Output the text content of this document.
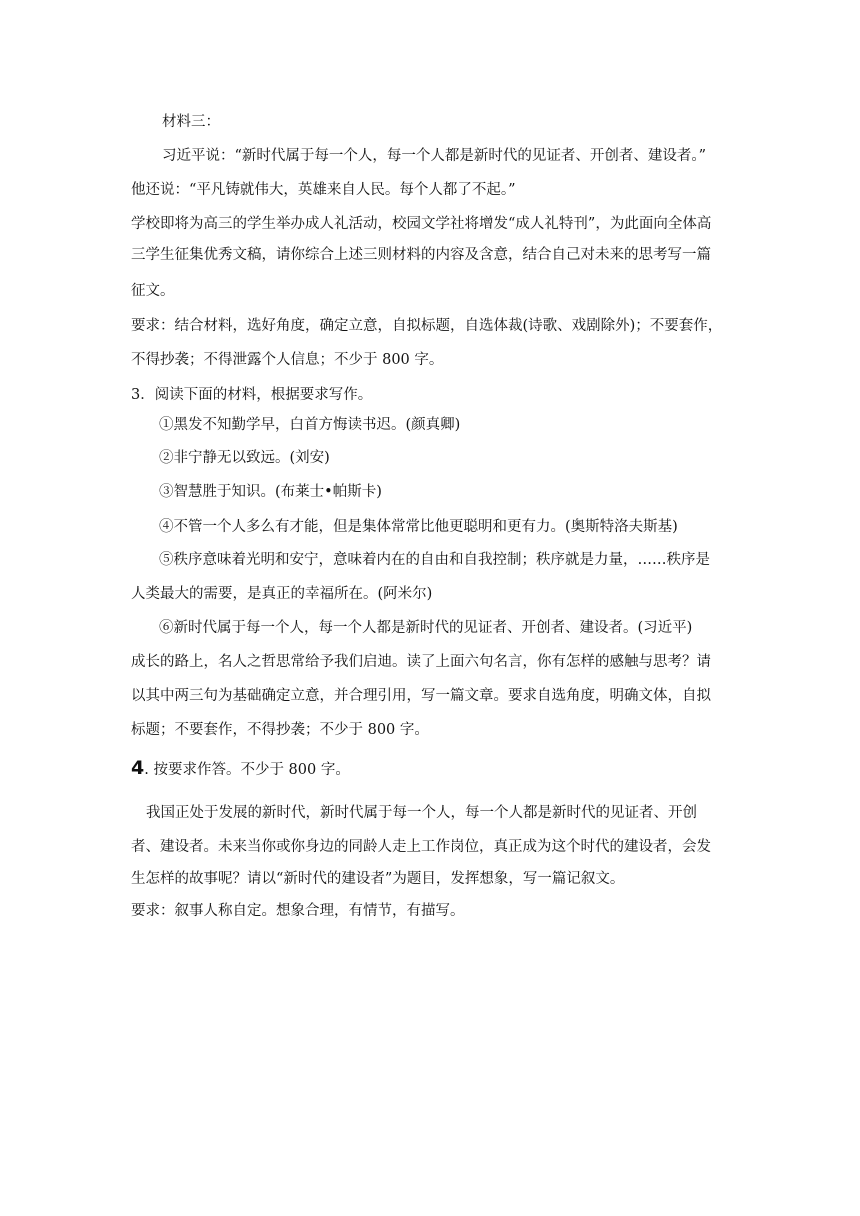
材料三：
习近平说：“新时代属于每一个人，每一个人都是新时代的见证者、开创者、建设者。”
他还说：“平凡铸就伟大，英雄来自人民。每个人都了不起。”
学校即将为高三的学生举办成人礼活动，校园文学社将增发“成人礼特刊”，为此面向全体高
三学生征集优秀文稿，请你综合上述三则材料的内容及含意，结合自己对未来的思考写一篇
征文。
要求：结合材料，选好角度，确定立意，自拟标题，自选体裁(诗歌、戏剧除外)；不要套作，
不得抄袭；不得泄露个人信息；不少于 800 字。
3．阅读下面的材料，根据要求写作。
①黑发不知勤学早，白首方悔读书迟。(颜真卿)
②非宁静无以致远。(刘安)
③智慧胜于知识。(布莱士•帕斯卡)
④不管一个人多么有才能，但是集体常常比他更聪明和更有力。(奥斯特洛夫斯基)
⑤秩序意味着光明和安宁，意味着内在的自由和自我控制；秩序就是力量，……秩序是
人类最大的需要，是真正的幸福所在。(阿米尔)
⑥新时代属于每一个人，每一个人都是新时代的见证者、开创者、建设者。(习近平)
成长的路上，名人之哲思常给予我们启迪。读了上面六句名言，你有怎样的感触与思考？请
以其中两三句为基础确定立意，并合理引用，写一篇文章。要求自选角度，明确文体，自拟
标题；不要套作，不得抄袭；不少于 800 字。
4. 按要求作答。不少于 800 字。
我国正处于发展的新时代，新时代属于每一个人，每一个人都是新时代的见证者、开创
者、建设者。未来当你或你身边的同龄人走上工作岗位，真正成为这个时代的建设者，会发
生怎样的故事呢？请以“新时代的建设者”为题目，发挥想象，写一篇记叙文。
要求：叙事人称自定。想象合理，有情节，有描写。
